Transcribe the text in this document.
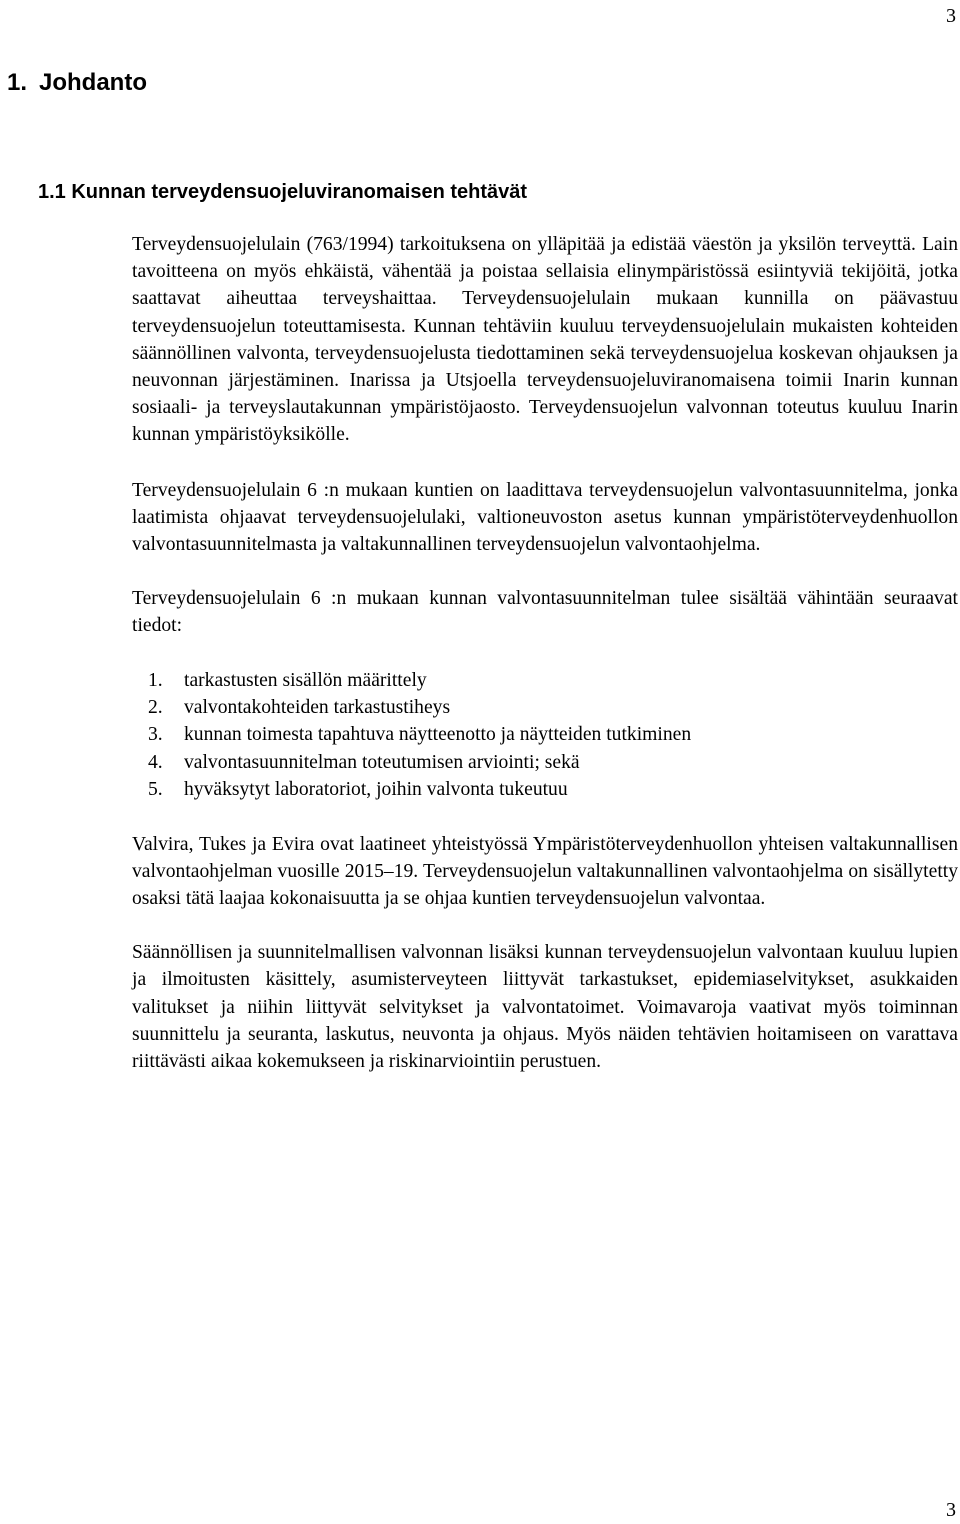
3
1. Johdanto
1.1 Kunnan terveydensuojeluviranomaisen tehtävät

Terveydensuojelulain (763/1994) tarkoituksena on ylläpitää ja edistää väestön ja yksilön terveyttä. Lain tavoitteena on myös ehkäistä, vähentää ja poistaa sellaisia elinympäristössä esiintyviä tekijöitä, jotka saattavat aiheuttaa terveyshaittaa. Terveydensuojelulain mukaan kunnilla on päävastuu terveydensuojelun toteuttamisesta. Kunnan tehtäviin kuuluu terveydensuojelulain mukaisten kohteiden säännöllinen valvonta, terveydensuojelusta tiedottaminen sekä terveydensuojelua koskevan ohjauksen ja neuvonnan järjestäminen. Inarissa ja Utsjoella terveydensuojeluviranomaisena toimii Inarin kunnan sosiaali- ja terveyslautakunnan ympäristöjaosto. Terveydensuojelun valvonnan toteutus kuuluu Inarin kunnan ympäristöyksikölle.

Terveydensuojelulain 6 :n mukaan kuntien on laadittava terveydensuojelun valvontasuunnitelma, jonka laatimista ohjaavat terveydensuojelulaki, valtioneuvoston asetus kunnan ympäristöterveydenhuollon valvontasuunnitelmasta ja valtakunnallinen terveydensuojelun valvontaohjelma.

Terveydensuojelulain 6 :n mukaan kunnan valvontasuunnitelman tulee sisältää vähintään seuraavat tiedot:

1. tarkastusten sisällön määrittely
2. valvontakohteiden tarkastustiheys
3. kunnan toimesta tapahtuva näytteenotto ja näytteiden tutkiminen
4. valvontasuunnitelman toteutumisen arviointi; sekä
5. hyväksytyt laboratoriot, joihin valvonta tukeutuu

Valvira, Tukes ja Evira ovat laatineet yhteistyössä Ympäristöterveydenhuollon yhteisen valtakunnallisen valvontaohjelman vuosille 2015–19. Terveydensuojelun valtakunnallinen valvontaohjelma on sisällytetty osaksi tätä laajaa kokonaisuutta ja se ohjaa kuntien terveydensuojelun valvontaa.

Säännöllisen ja suunnitelmallisen valvonnan lisäksi kunnan terveydensuojelun valvontaan kuuluu lupien ja ilmoitusten käsittely, asumisterveyteen liittyvät tarkastukset, epidemiaselvitykset, asukkaiden valitukset ja niihin liittyvät selvitykset ja valvontatoimet. Voimavaroja vaativat myös toiminnan suunnittelu ja seuranta, laskutus, neuvonta ja ohjaus. Myös näiden tehtävien hoitamiseen on varattava riittävästi aikaa kokemukseen ja riskinarviointiin perustuen.

3
